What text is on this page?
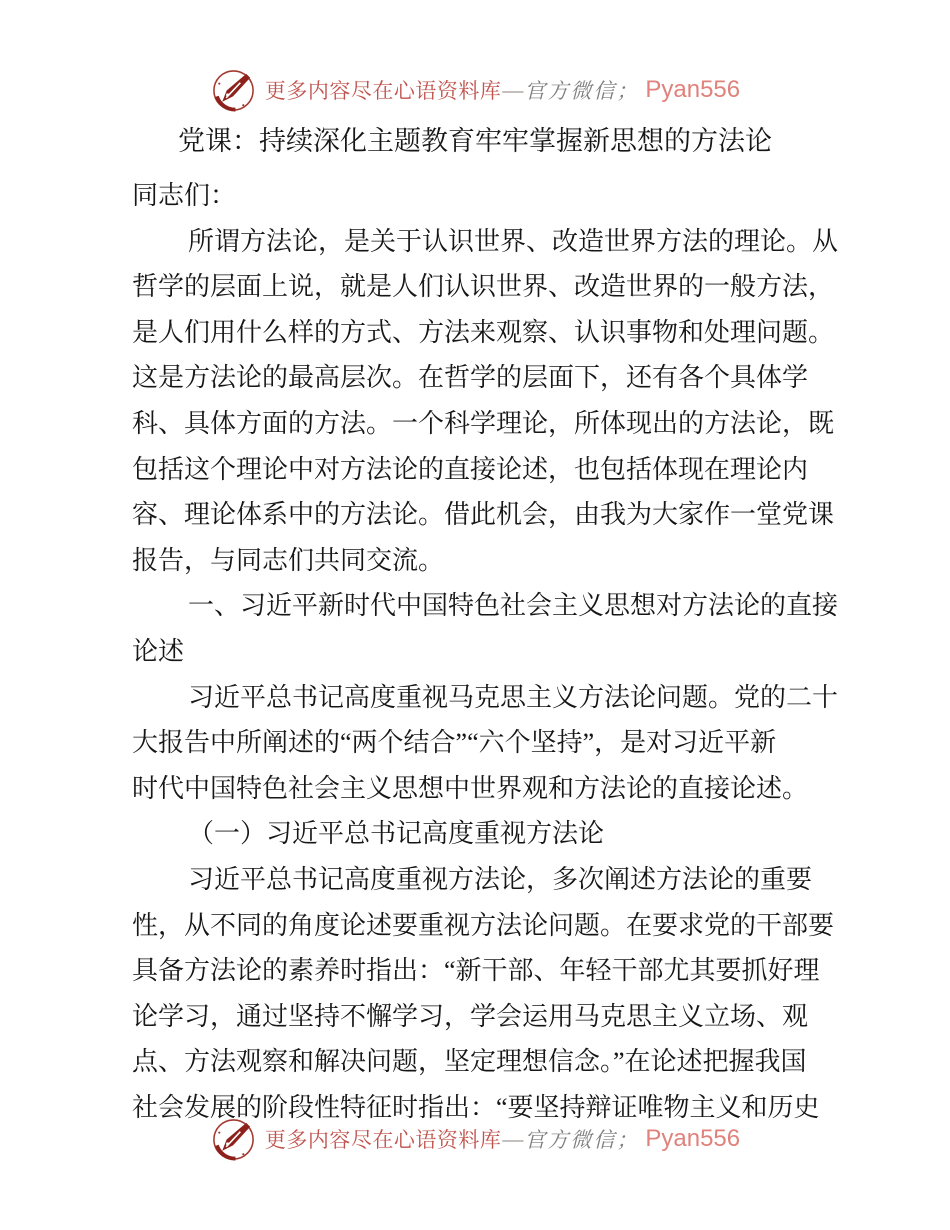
更多内容尽在心语资料库 — 官方微信； Pyan556
党课：持续深化主题教育牢牢掌握新思想的方法论
同志们：
所谓方法论，是关于认识世界、改造世界方法的理论。从
哲学的层面上说，就是人们认识世界、改造世界的一般方法，
是人们用什么样的方式、方法来观察、认识事物和处理问题。
这是方法论的最高层次。在哲学的层面下，还有各个具体学
科、具体方面的方法。一个科学理论，所体现出的方法论，既
包括这个理论中对方法论的直接论述，也包括体现在理论内
容、理论体系中的方法论。借此机会，由我为大家作一堂党课
报告，与同志们共同交流。
一、习近平新时代中国特色社会主义思想对方法论的直接
论述
习近平总书记高度重视马克思主义方法论问题。党的二十
大报告中所阐述的“两个结合”“六个坚持”，是对习近平新
时代中国特色社会主义思想中世界观和方法论的直接论述。
（一）习近平总书记高度重视方法论
习近平总书记高度重视方法论，多次阐述方法论的重要
性，从不同的角度论述要重视方法论问题。在要求党的干部要
具备方法论的素养时指出：“新干部、年轻干部尤其要抓好理
论学习，通过坚持不懈学习，学会运用马克思主义立场、观
点、方法观察和解决问题，坚定理想信念。”在论述把握我国
社会发展的阶段性特征时指出：“要坚持辩证唯物主义和历史
更多内容尽在心语资料库 — 官方微信； Pyan556
